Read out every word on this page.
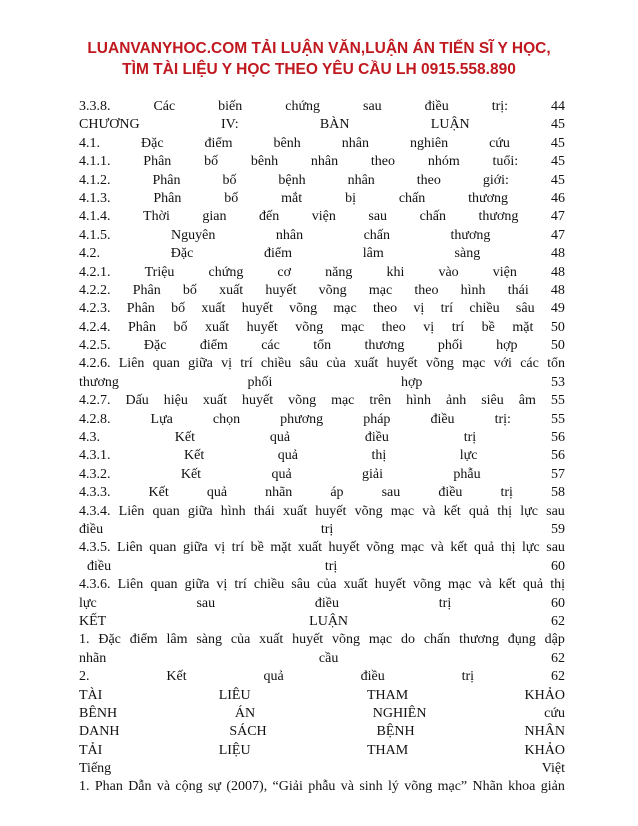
LUANVANYHOC.COM TẢI LUẬN VĂN,LUẬN ÁN TIẾN SĨ Y HỌC,
TÌM TÀI LIỆU Y HỌC THEO YÊU CẦU LH 0915.558.890
3.3.8.	Các	biến	chứng	sau	điều	trị:	44
CHƯƠNG	IV:	BÀN	LUẬN	45
4.1.	Đặc	điểm	bênh	nhân	nghiên	cứu	45
4.1.1. Phân bố bênh nhân theo nhóm tuổi: 45
4.1.2.	Phân	bố	bệnh	nhân	theo	giới:	45
4.1.3.	Phân	bố	mắt	bị	chấn	thương	46
4.1.4. Thời gian đến viện sau chấn thương 47
4.1.5.	Nguyên	nhân	chấn	thương	47
4.2.	Đặc	điểm	lâm	sàng	48
4.2.1. Triệu chứng cơ năng khi vào viện 48
4.2.2. Phân bố xuất huyết võng mạc theo hình thái 48
4.2.3. Phân bố xuất huyết võng mạc theo vị trí chiều sâu 49
4.2.4. Phân bố xuất huyết võng mạc theo vị trí bề mặt 50
4.2.5. Đặc điểm các tổn thương phối hợp 50
4.2.6. Liên quan giữa vị trí chiều sâu của xuất huyết võng mạc với các tổn
thương	phối	hợp	53
4.2.7. Dấu hiệu xuất huyết võng mạc trên hình ảnh siêu âm 55
4.2.8.	Lựa	chọn	phương	pháp	điều	trị:	55
4.3.	Kết	quả	điều	trị	56
4.3.1.	Kết	quả	thị	lực	56
4.3.2.	Kết	quả	giải	phẫu	57
4.3.3.	Kết	quả	nhãn	áp	sau	điều	trị	58
4.3.4. Liên quan giữa hình thái xuất huyết võng mạc và kết quả thị lực sau
điều	trị	59
4.3.5. Liên quan giữa vị trí bề mặt xuất huyết võng mạc và kết quả thị lực sau
điều	trị	60
4.3.6. Liên quan giữa vị trí chiều sâu của xuất huyết võng mạc và kết quả thị
lực	sau	điều	trị	60
KẾT	LUẬN	62
1. Đặc điểm lâm sàng của xuất huyết võng mạc do chấn thương đụng dập
nhãn	cầu	62
2.	Kết	quả	điều	trị	62
TÀI	LIÊU	THAM	KHẢO
BÊNH	ÁN	NGHIÊN	cứu
DANH	SÁCH	BỆNH	NHÂN
TẢI	LIỆU	THAM	KHẢO
Tiếng	Việt
1. Phan Dẫn và cộng sự (2007), “Giải phẫu và sinh lý võng mạc” Nhãn khoa giản
